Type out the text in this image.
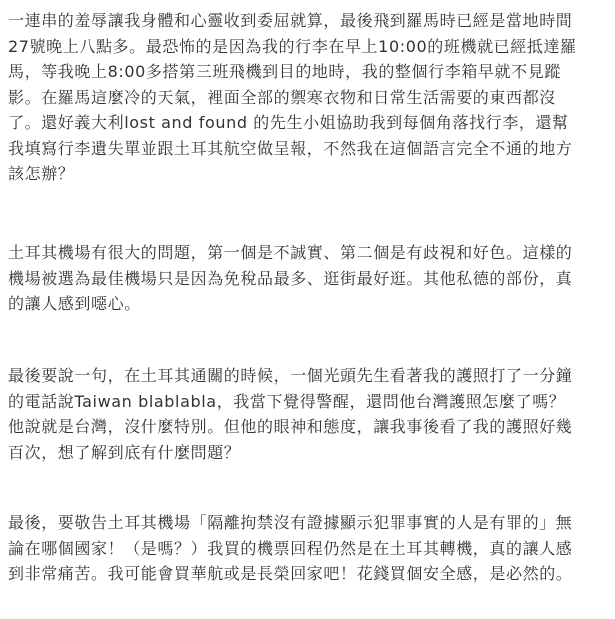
一連串的羞辱讓我身體和心靈收到委屈就算，最後飛到羅馬時已經是當地時間
27號晚上八點多。最恐怖的是因為我的行李在早上10:00的班機就已經抵達羅
馬，等我晚上8:00多搭第三班飛機到目的地時，我的整個行李箱早就不見蹤
影。在羅馬這麼冷的天氣，裡面全部的禦寒衣物和日常生活需要的東西都沒
了。還好義大利lost and found 的先生小姐協助我到每個角落找行李，還幫
我填寫行李遺失單並跟土耳其航空做呈報，不然我在這個語言完全不通的地方
該怎辦？

土耳其機場有很大的問題，第一個是不誠實、第二個是有歧視和好色。這樣的
機場被選為最佳機場只是因為免稅品最多、逛街最好逛。其他私德的部份，真
的讓人感到噁心。

最後要說一句，在土耳其通關的時候，一個光頭先生看著我的護照打了一分鐘
的電話說Taiwan blablabla，我當下覺得警醒，還問他台灣護照怎麼了嗎？
他說就是台灣，沒什麼特別。但他的眼神和態度，讓我事後看了我的護照好幾
百次，想了解到底有什麼問題？

最後，要敬告土耳其機場「隔離拘禁沒有證據顯示犯罪事實的人是有罪的」無
論在哪個國家！（是嗎？）我買的機票回程仍然是在土耳其轉機，真的讓人感
到非常痛苦。我可能會買華航或是長榮回家吧！花錢買個安全感，是必然的。
